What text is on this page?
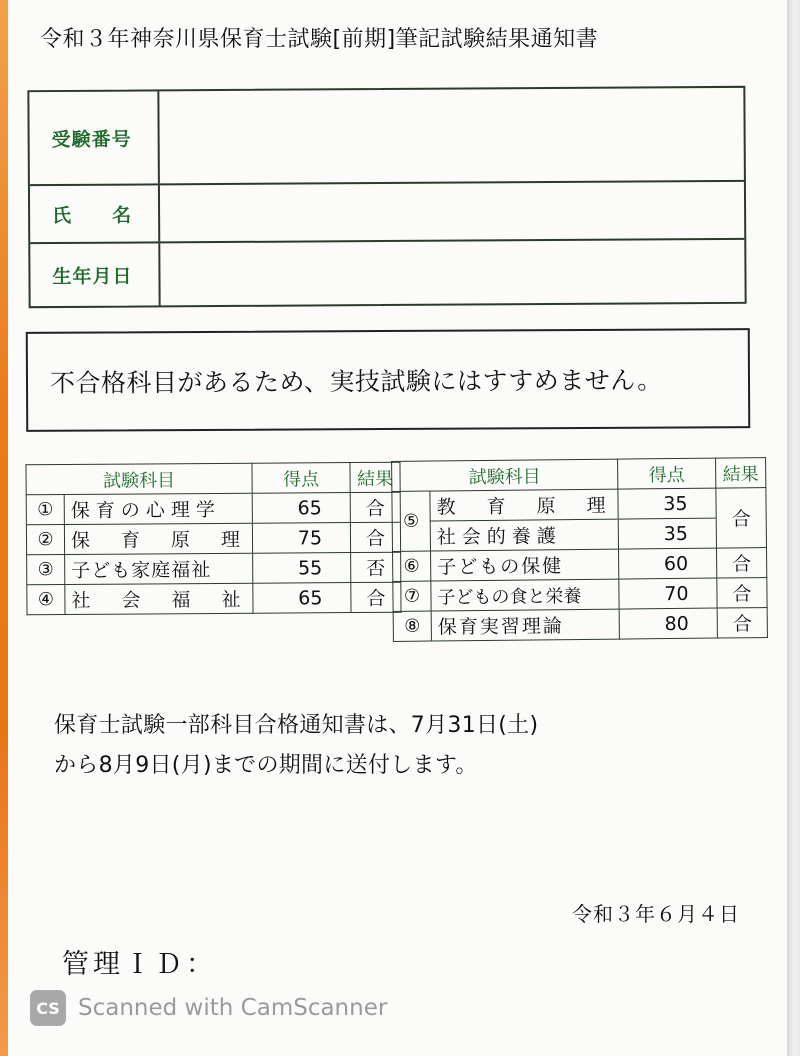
令和３年神奈川県保育士試験[前期]筆記試験結果通知書
受験番号
氏　　名
生年月日
不合格科目があるため、実技試験にはすすめません。
試験科目		得点	結果
①	保育の心理学	65	合
②	保　育　原　理	75	合
③	子ども家庭福祉	55	否
④	社　会　福　祉	65	合
試験科目		得点	結果
⑤	教　育　原　理	35	合
	社会的養護	35	
⑥	子どもの保健	60	合
⑦	子どもの食と栄養	70	合
⑧	保育実習理論	80	合
保育士試験一部科目合格通知書は、7月31日(土)
から8月9日(月)までの期間に送付します。
令和３年６月４日
管理ＩＤ：
CS Scanned with CamScanner
